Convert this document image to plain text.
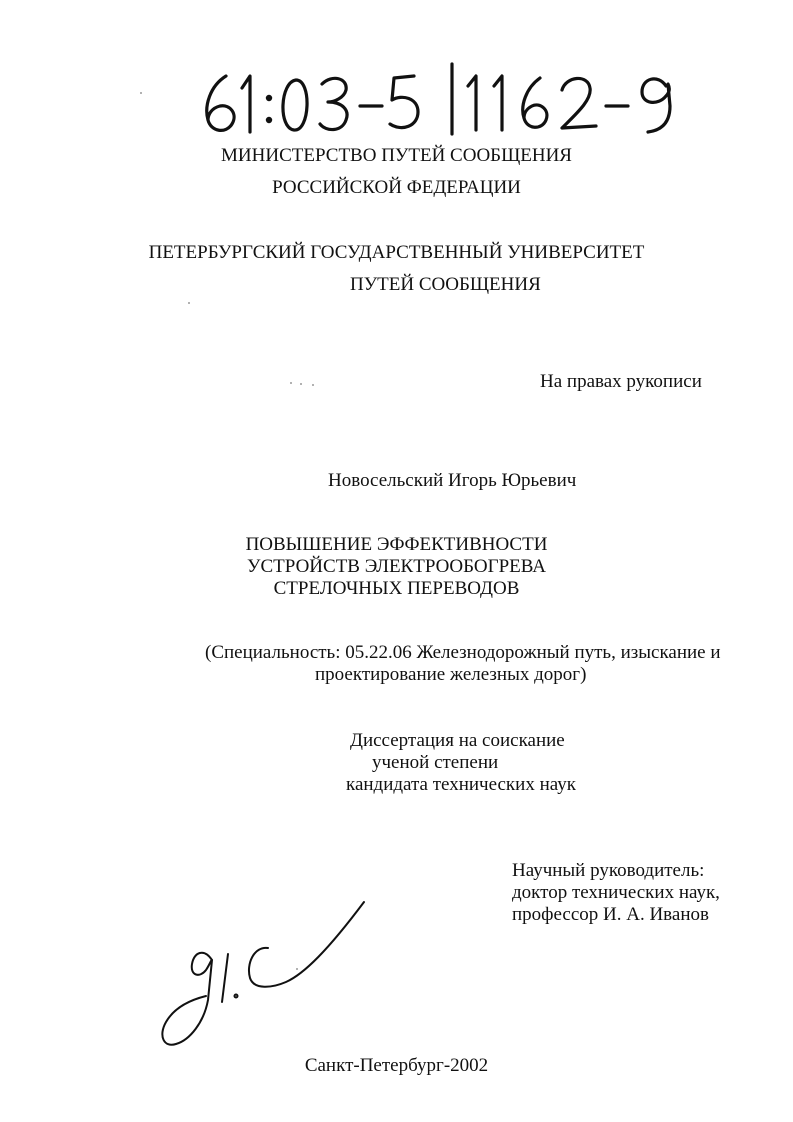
МИНИСТЕРСТВО ПУТЕЙ СООБЩЕНИЯ
РОССИЙСКОЙ ФЕДЕРАЦИИ
ПЕТЕРБУРГСКИЙ ГОСУДАРСТВЕННЫЙ УНИВЕРСИТЕТ
ПУТЕЙ СООБЩЕНИЯ
На правах рукописи
Новосельский Игорь Юрьевич
ПОВЫШЕНИЕ ЭФФЕКТИВНОСТИ
УСТРОЙСТВ ЭЛЕКТРООБОГРЕВА
СТРЕЛОЧНЫХ ПЕРЕВОДОВ
(Специальность: 05.22.06 Железнодорожный путь, изыскание и
проектирование железных дорог)
Диссертация на соискание
ученой степени
кандидата технических наук
Научный руководитель:
доктор технических наук,
профессор И. А. Иванов
Санкт-Петербург-2002
